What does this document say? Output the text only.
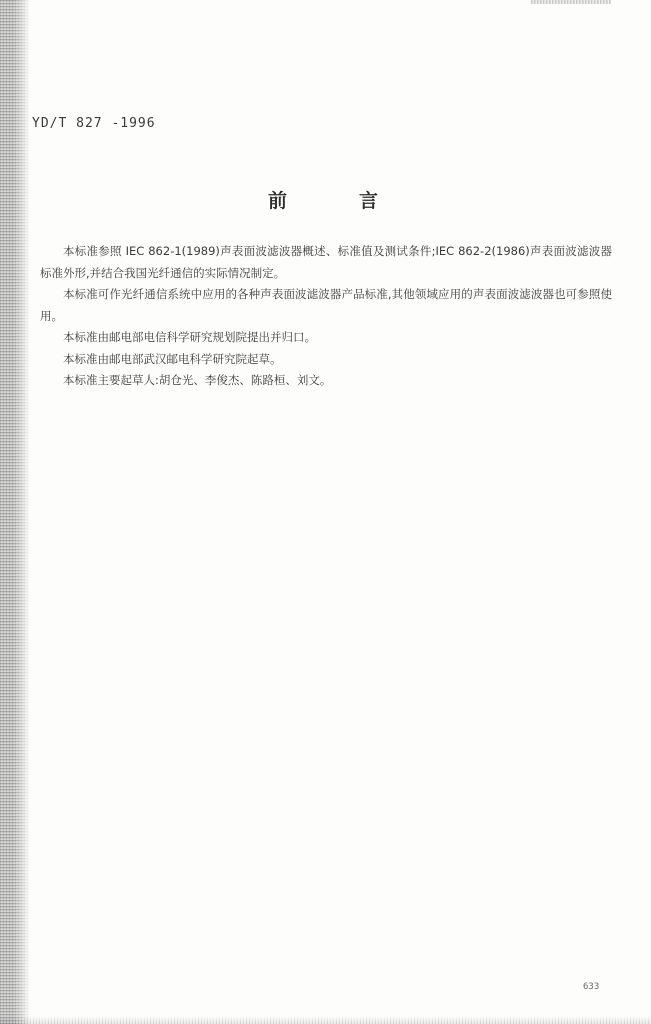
YD/T 827 -1996
前	言

本标准参照 IEC 862-1(1989)声表面波滤波器概述、标准值及测试条件;IEC 862-2(1986)声表面波滤波器标准外形,并结合我国光纤通信的实际情况制定。

本标准可作光纤通信系统中应用的各种声表面波滤波器产品标准,其他领域应用的声表面波滤波器也可参照使用。

本标准由邮电部电信科学研究规划院提出并归口。

本标准由邮电部武汉邮电科学研究院起草。

本标准主要起草人:胡仓光、李俊杰、陈路桓、刘文。

633
